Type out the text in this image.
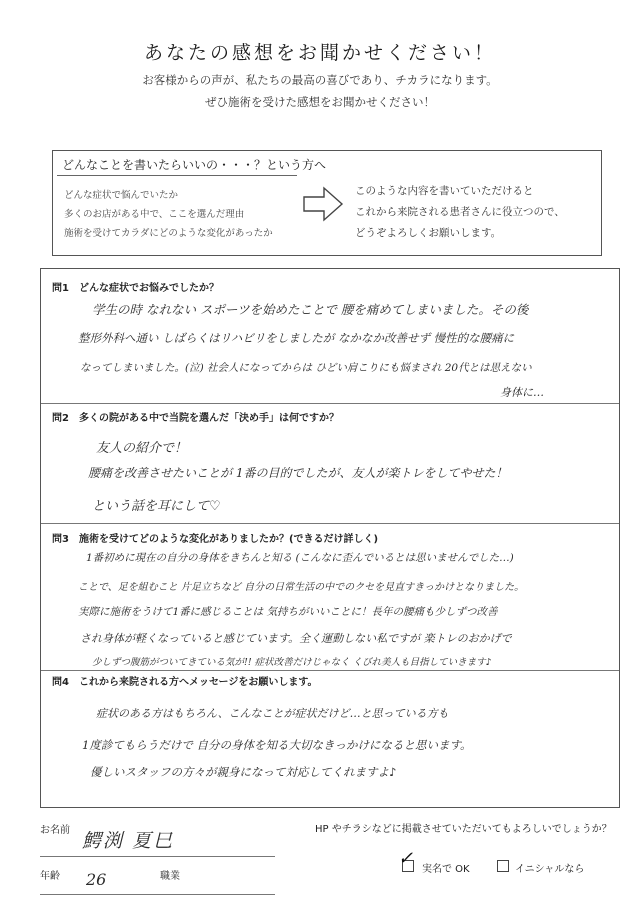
あなたの感想をお聞かせください！
お客様からの声が、私たちの最高の喜びであり、チカラになります。
ぜひ施術を受けた感想をお聞かせください！
どんなことを書いたらいいの・・・？という方へ
どんな症状で悩んでいたか
多くのお店がある中で、ここを選んだ理由
施術を受けてカラダにどのような変化があったか
このような内容を書いていただけると
これから来院される患者さんに役立つので、
どうぞよろしくお願いします。
問1　どんな症状でお悩みでしたか？
学生の時 なれない スポーツを始めたことで 腰を痛めてしまいました。その後
整形外科へ通い しばらくはリハビリをしましたが なかなか改善せず 慢性的な腰痛に
なってしまいました。(泣) 社会人になってからは ひどい肩こりにも悩まされ 20代とは思えない
身体に…
問2　多くの院がある中で当院を選んだ「決め手」は何ですか？
友人の紹介で！
腰痛を改善させたいことが 1番の目的でしたが、友人が楽トレをしてやせた！
という話を耳にして♡
問3　施術を受けてどのような変化がありましたか？(できるだけ詳しく)
1番初めに現在の自分の身体をきちんと知る (こんなに歪んでいるとは思いませんでした…)
ことで、足を組むこと 片足立ちなど 自分の日常生活の中でのクセを見直すきっかけとなりました。
実際に施術をうけて1番に感じることは 気持ちがいいことに！長年の腰痛も少しずつ改善
され身体が軽くなっていると感じています。全く運動しない私ですが 楽トレのおかげで
少しずつ腹筋がついてきている気が!! 症状改善だけじゃなく くびれ美人も目指していきます♪
問4　これから来院される方へメッセージをお願いします。
症状のある方はもちろん、こんなことが症状だけど…と思っている方も
1度診てもらうだけで 自分の身体を知る大切なきっかけになると思います。
優しいスタッフの方々が親身になって対応してくれますよ♪
お名前 鰐渕 夏巳
HP やチラシなどに掲載させていただいてもよろしいでしょうか？
年齢 26	職業
✓
実名で OK	イニシャルなら
